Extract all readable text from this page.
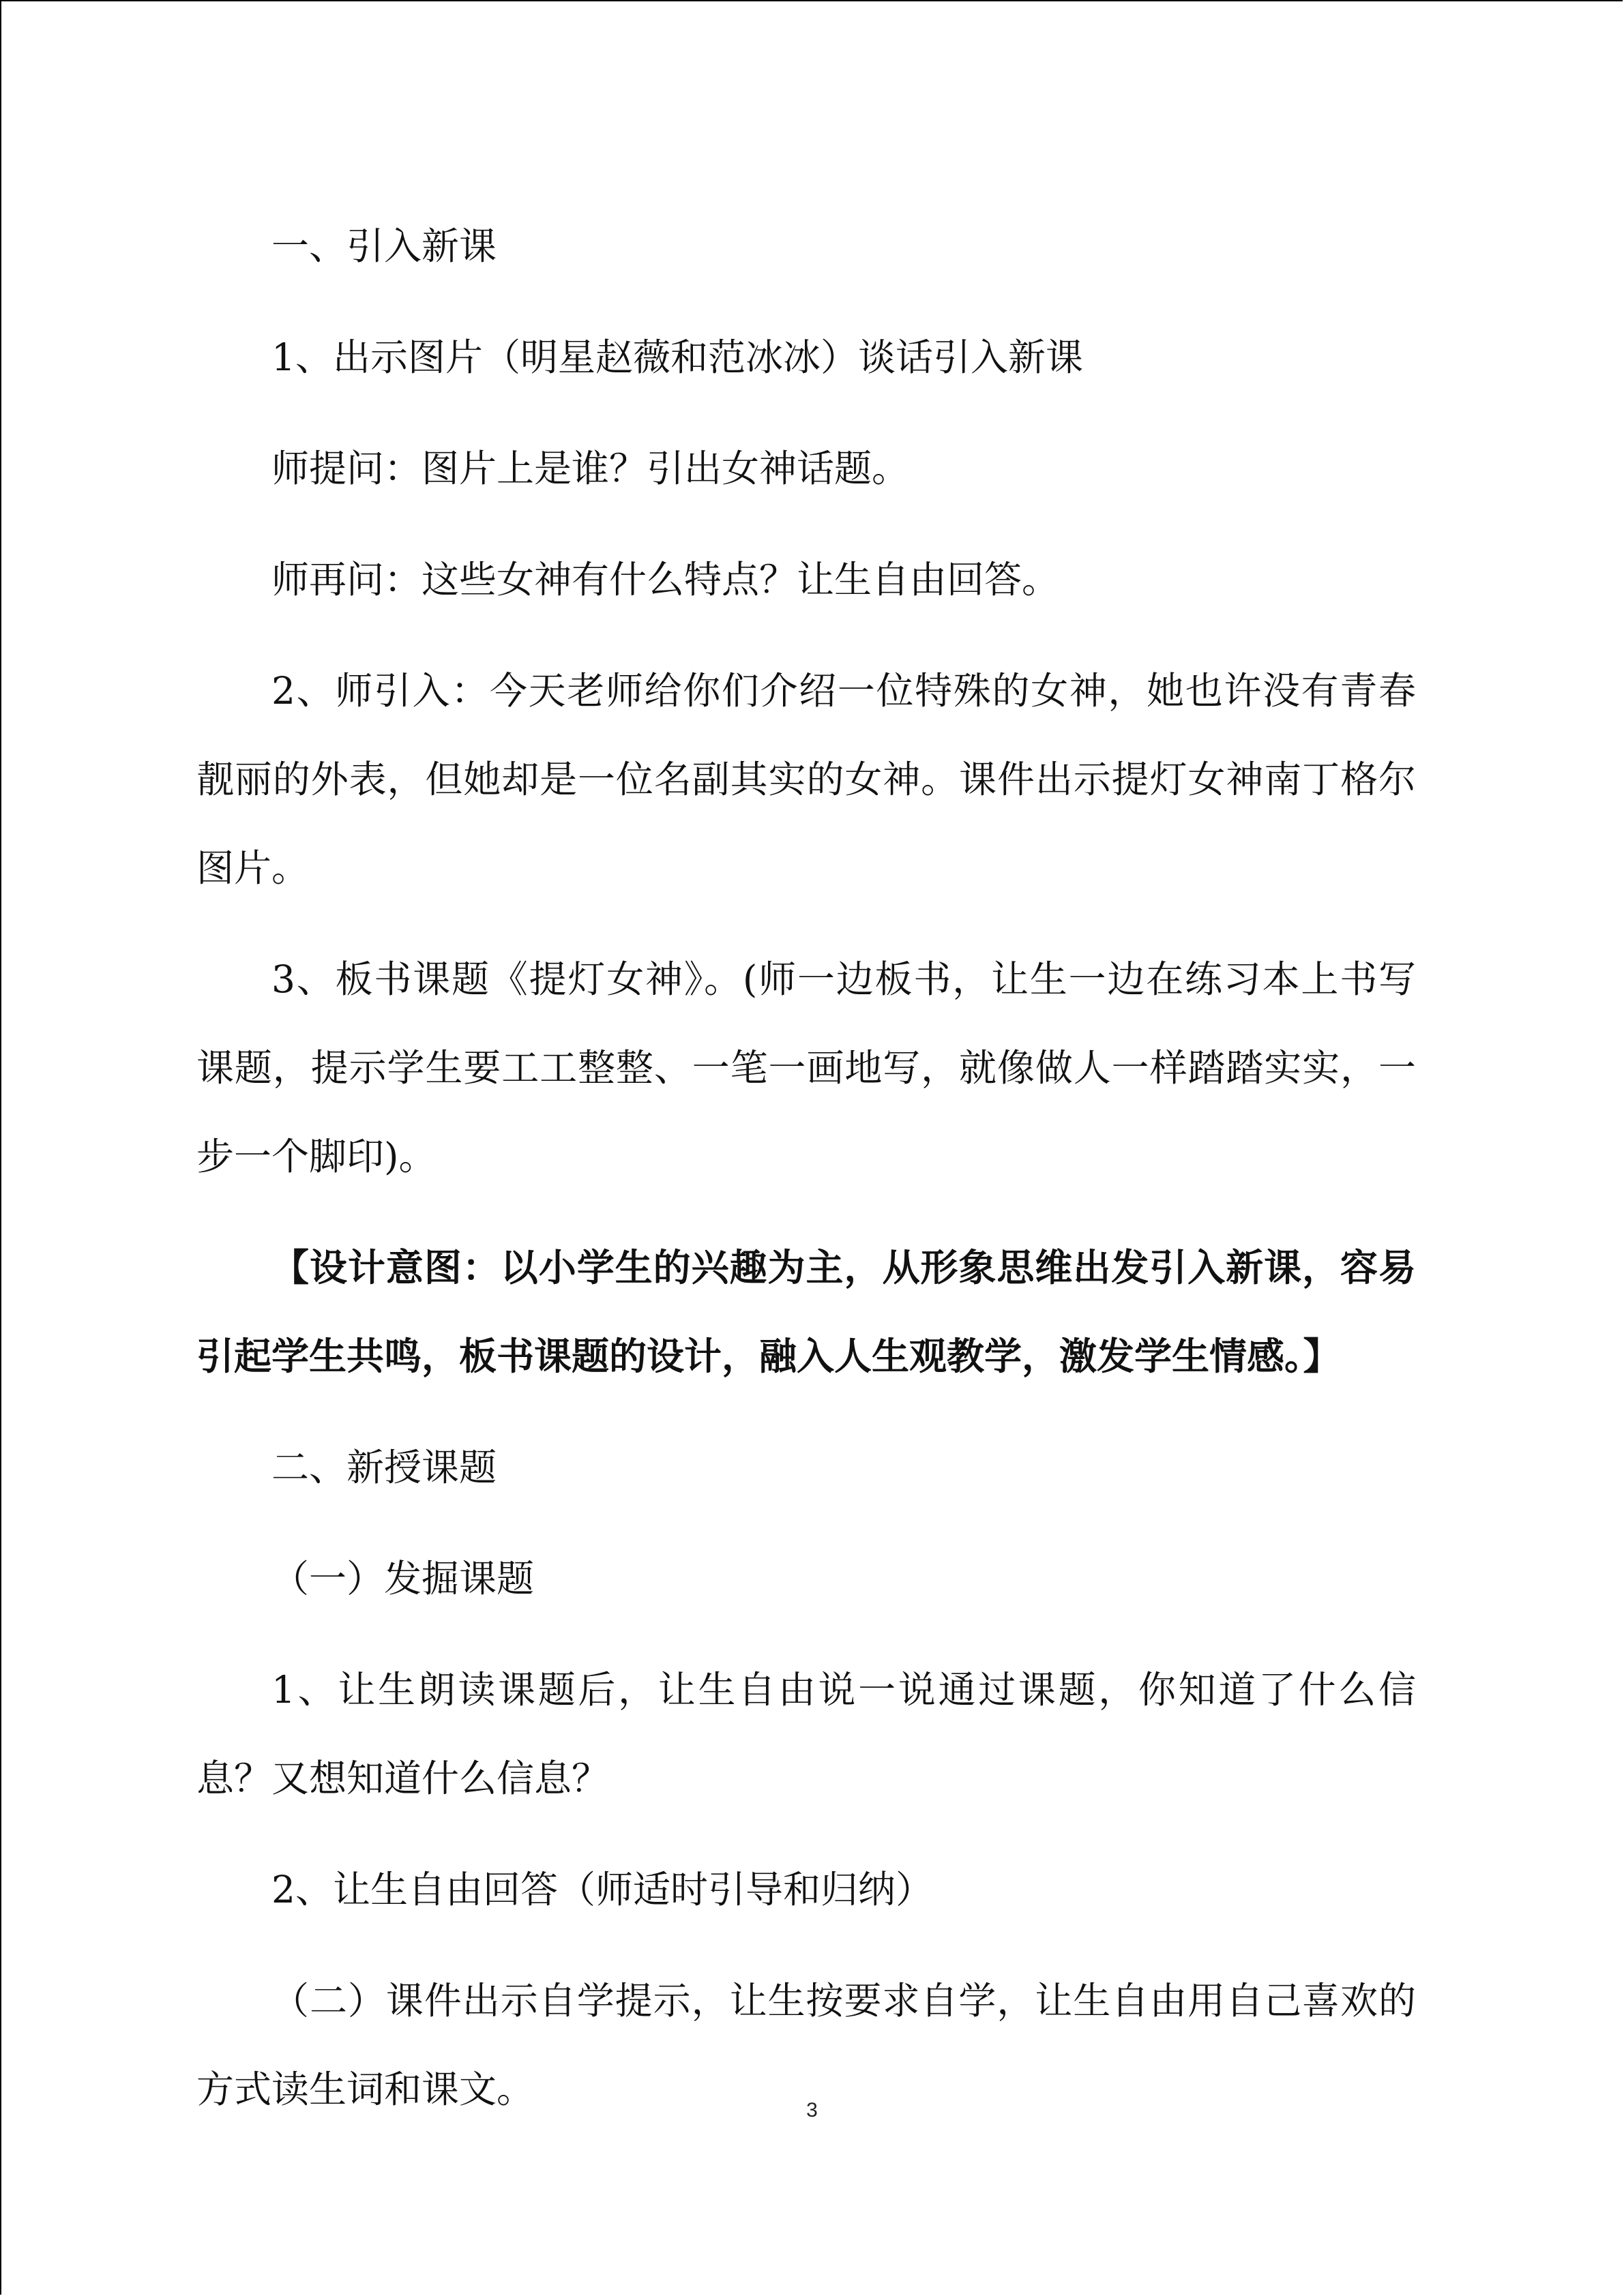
一、引入新课

1、出示图片（明星赵薇和范冰冰）谈话引入新课

师提问：图片上是谁？引出女神话题。

师再问：这些女神有什么特点？让生自由回答。

2、师引入：今天老师给你们介绍一位特殊的女神，她也许没有青春靓丽的外表，但她却是一位名副其实的女神。课件出示提灯女神南丁格尔图片。

3、板书课题《提灯女神》。(师一边板书，让生一边在练习本上书写课题，提示学生要工工整整、一笔一画地写，就像做人一样踏踏实实，一步一个脚印)。

【设计意图：以小学生的兴趣为主，从形象思维出发引入新课，容易引起学生共鸣，板书课题的设计，融入人生观教学，激发学生情感。】

二、新授课题

（一）发掘课题

1、让生朗读课题后，让生自由说一说通过课题，你知道了什么信息？又想知道什么信息？

2、让生自由回答（师适时引导和归纳）

（二）课件出示自学提示，让生按要求自学，让生自由用自己喜欢的方式读生词和课文。	3
